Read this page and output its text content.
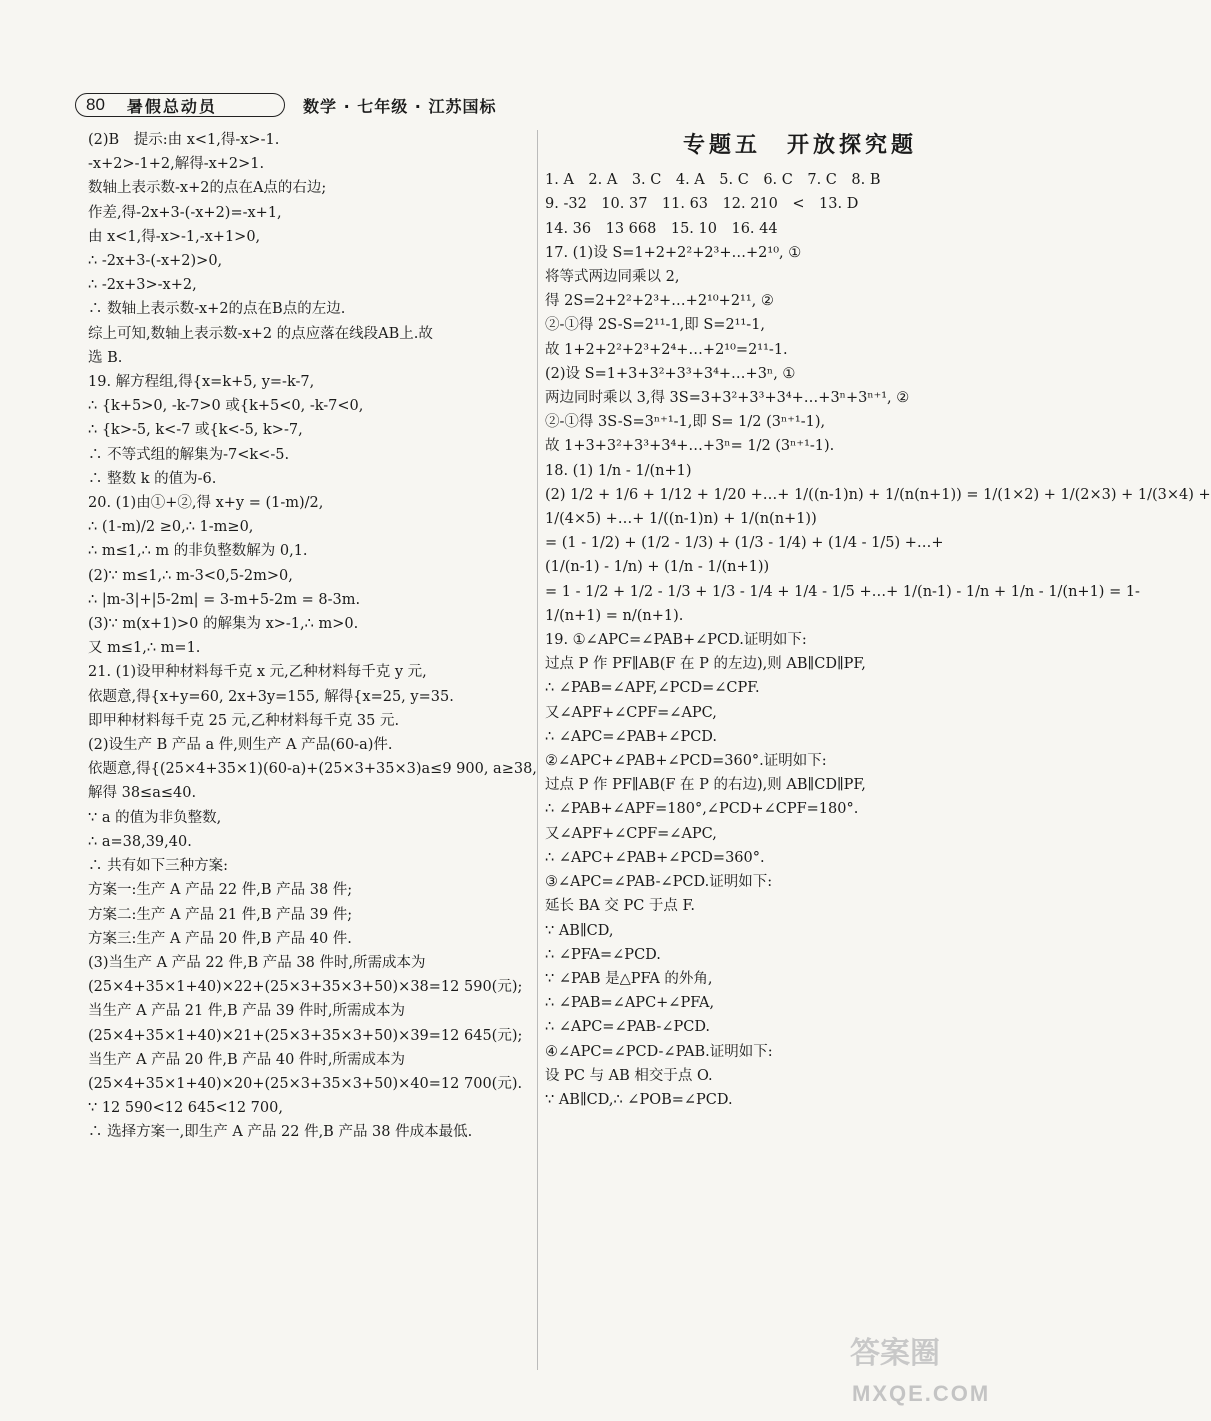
80 暑假总动员	数学 · 七年级 · 江苏国标
(2)B　提示:由 x<1,得-x>-1.
-x+2>-1+2,解得-x+2>1.
数轴上表示数-x+2的点在A点的右边;
作差,得-2x+3-(-x+2)=-x+1,
由 x<1,得-x>-1,-x+1>0,
∴ -2x+3-(-x+2)>0,
∴ -2x+3>-x+2,
∴ 数轴上表示数-x+2的点在B点的左边.
综上可知,数轴上表示数-x+2 的点应落在线段AB上.故
选 B.
19. 解方程组,得{x=k+5, y=-k-7,
∴ {k+5>0, -k-7>0 或{k+5<0, -k-7<0,
∴ {k>-5, k<-7 或{k<-5, k>-7,
∴ 不等式组的解集为-7<k<-5.
∴ 整数 k 的值为-6.
20. (1)由①+②,得 x+y = (1-m)/2,
∴ (1-m)/2 ≥0,∴ 1-m≥0,
∴ m≤1,∴ m 的非负整数解为 0,1.
(2)∵ m≤1,∴ m-3<0,5-2m>0,
∴ |m-3|+|5-2m| = 3-m+5-2m = 8-3m.
(3)∵ m(x+1)>0 的解集为 x>-1,∴ m>0.
又 m≤1,∴ m=1.
21. (1)设甲种材料每千克 x 元,乙种材料每千克 y 元,
依题意,得{x+y=60, 2x+3y=155, 解得{x=25, y=35.
即甲种材料每千克 25 元,乙种材料每千克 35 元.
(2)设生产 B 产品 a 件,则生产 A 产品(60-a)件.
依题意,得{(25×4+35×1)(60-a)+(25×3+35×3)a≤9 900, a≥38,
解得 38≤a≤40.
∵ a 的值为非负整数,
∴ a=38,39,40.
∴ 共有如下三种方案:
方案一:生产 A 产品 22 件,B 产品 38 件;
方案二:生产 A 产品 21 件,B 产品 39 件;
方案三:生产 A 产品 20 件,B 产品 40 件.
(3)当生产 A 产品 22 件,B 产品 38 件时,所需成本为
(25×4+35×1+40)×22+(25×3+35×3+50)×38=12 590(元);
当生产 A 产品 21 件,B 产品 39 件时,所需成本为
(25×4+35×1+40)×21+(25×3+35×3+50)×39=12 645(元);
当生产 A 产品 20 件,B 产品 40 件时,所需成本为
(25×4+35×1+40)×20+(25×3+35×3+50)×40=12 700(元).
∵ 12 590<12 645<12 700,
∴ 选择方案一,即生产 A 产品 22 件,B 产品 38 件成本最低.
专题五　开放探究题
1. A　2. A　3. C　4. A　5. C　6. C　7. C　8. B
9. -32　10. 37　11. 63　12. 210　<　13. D
14. 36　13 668　15. 10　16. 44
17. (1)设 S=1+2+2²+2³+…+2¹⁰, ①
将等式两边同乘以 2,
得 2S=2+2²+2³+…+2¹⁰+2¹¹, ②
②-①得 2S-S=2¹¹-1,即 S=2¹¹-1,
故 1+2+2²+2³+2⁴+…+2¹⁰=2¹¹-1.
(2)设 S=1+3+3²+3³+3⁴+…+3ⁿ, ①
两边同时乘以 3,得 3S=3+3²+3³+3⁴+…+3ⁿ+3ⁿ⁺¹, ②
②-①得 3S-S=3ⁿ⁺¹-1,即 S= 1/2 (3ⁿ⁺¹-1),
故 1+3+3²+3³+3⁴+…+3ⁿ= 1/2 (3ⁿ⁺¹-1).
18. (1) 1/n - 1/(n+1)
(2) 1/2 + 1/6 + 1/12 + 1/20 +…+ 1/((n-1)n) + 1/(n(n+1)) = 1/(1×2) + 1/(2×3) + 1/(3×4) +
1/(4×5) +…+ 1/((n-1)n) + 1/(n(n+1))
= (1 - 1/2) + (1/2 - 1/3) + (1/3 - 1/4) + (1/4 - 1/5) +…+
(1/(n-1) - 1/n) + (1/n - 1/(n+1))
= 1 - 1/2 + 1/2 - 1/3 + 1/3 - 1/4 + 1/4 - 1/5 +…+ 1/(n-1) - 1/n + 1/n - 1/(n+1) = 1-
1/(n+1) = n/(n+1).
19. ①∠APC=∠PAB+∠PCD.证明如下:
过点 P 作 PF∥AB(F 在 P 的左边),则 AB∥CD∥PF,
∴ ∠PAB=∠APF,∠PCD=∠CPF.
又∠APF+∠CPF=∠APC,
∴ ∠APC=∠PAB+∠PCD.
②∠APC+∠PAB+∠PCD=360°.证明如下:
过点 P 作 PF∥AB(F 在 P 的右边),则 AB∥CD∥PF,
∴ ∠PAB+∠APF=180°,∠PCD+∠CPF=180°.
又∠APF+∠CPF=∠APC,
∴ ∠APC+∠PAB+∠PCD=360°.
③∠APC=∠PAB-∠PCD.证明如下:
延长 BA 交 PC 于点 F.
∵ AB∥CD,
∴ ∠PFA=∠PCD.
∵ ∠PAB 是△PFA 的外角,
∴ ∠PAB=∠APC+∠PFA,
∴ ∠APC=∠PAB-∠PCD.
④∠APC=∠PCD-∠PAB.证明如下:
设 PC 与 AB 相交于点 O.
∵ AB∥CD,∴ ∠POB=∠PCD.
答案圈
MXQE.COM
